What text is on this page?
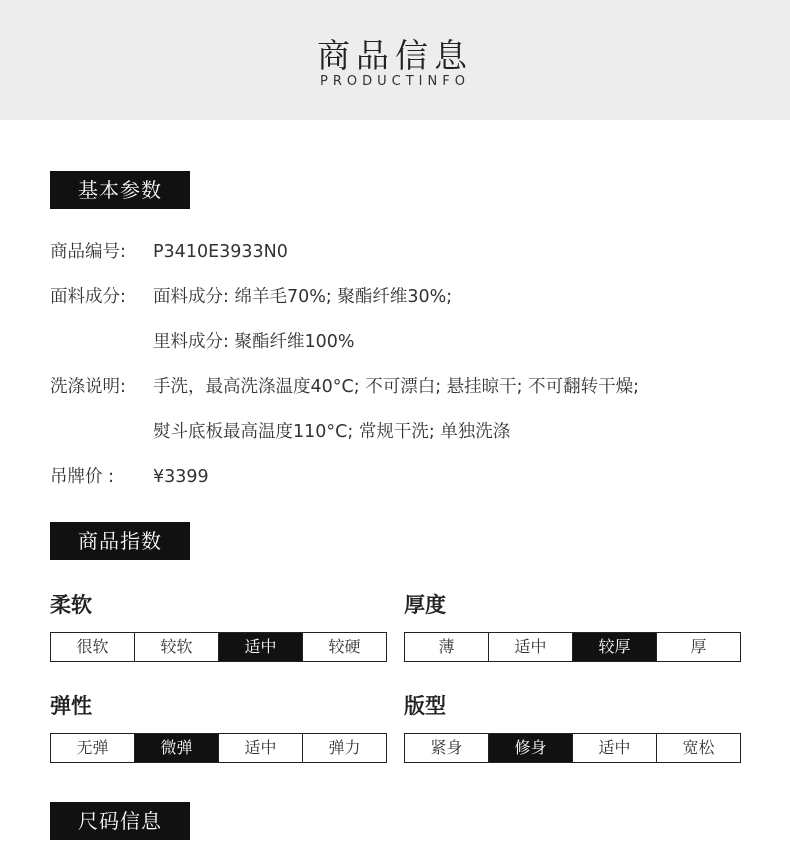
商品信息
PRODUCTINFO
基本参数
商品编号: P3410E3933N0
面料成分: 面料成分: 绵羊毛70%; 聚酯纤维30%;
里料成分: 聚酯纤维100%
洗涤说明: 手洗，最高洗涤温度40°C; 不可漂白; 悬挂晾干; 不可翻转干燥;
熨斗底板最高温度110°C; 常规干洗; 单独洗涤
吊牌价 : ¥3399
商品指数
柔软
很软	较软	适中	较硬
厚度
薄	适中	较厚	厚
弹性
无弹	微弹	适中	弹力
版型
紧身	修身	适中	宽松
尺码信息
